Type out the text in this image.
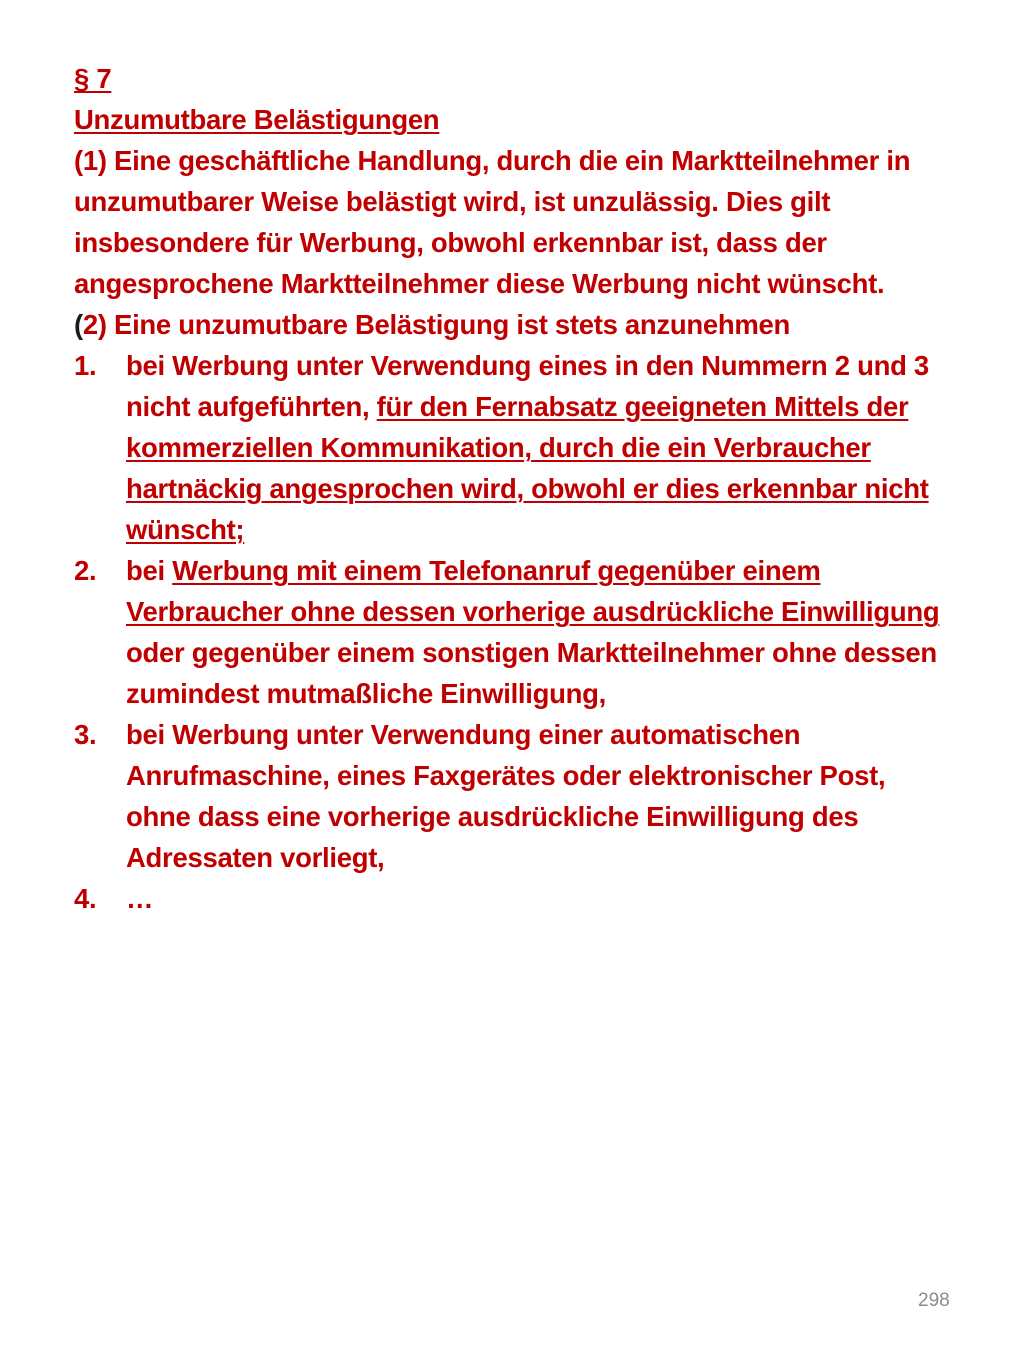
§ 7
Unzumutbare Belästigungen
(1) Eine geschäftliche Handlung, durch die ein Marktteilnehmer in unzumutbarer Weise belästigt wird, ist unzulässig. Dies gilt insbesondere für Werbung, obwohl erkennbar ist, dass der angesprochene Marktteilnehmer diese Werbung nicht wünscht.
(2) Eine unzumutbare Belästigung ist stets anzunehmen
1. bei Werbung unter Verwendung eines in den Nummern 2 und 3 nicht aufgeführten, für den Fernabsatz geeigneten Mittels der kommerziellen Kommunikation, durch die ein Verbraucher hartnäckig angesprochen wird, obwohl er dies erkennbar nicht wünscht;
2. bei Werbung mit einem Telefonanruf gegenüber einem Verbraucher ohne dessen vorherige ausdrückliche Einwilligung oder gegenüber einem sonstigen Marktteilnehmer ohne dessen zumindest mutmaßliche Einwilligung,
3. bei Werbung unter Verwendung einer automatischen Anrufmaschine, eines Faxgerätes oder elektronischer Post, ohne dass eine vorherige ausdrückliche Einwilligung des Adressaten vorliegt,
4. …
298
